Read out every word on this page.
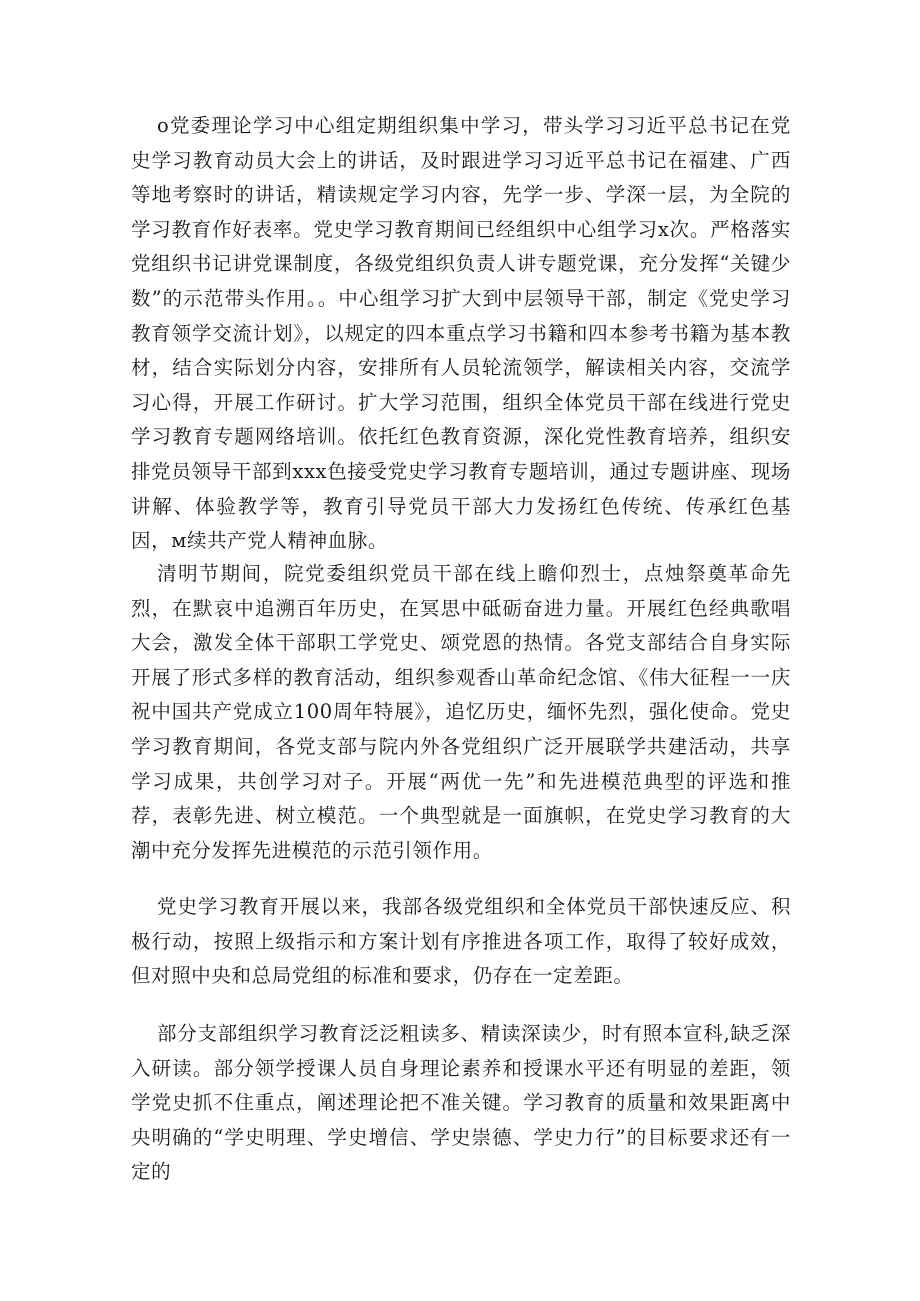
o党委理论学习中心组定期组织集中学习，带头学习习近平总书记在党史学习教育动员大会上的讲话，及时跟进学习习近平总书记在福建、广西等地考察时的讲话，精读规定学习内容，先学一步、学深一层，为全院的学习教育作好表率。党史学习教育期间已经组织中心组学习x次。严格落实党组织书记讲党课制度，各级党组织负责人讲专题党课，充分发挥“关键少数”的示范带头作用。。中心组学习扩大到中层领导干部，制定《党史学习教育领学交流计划》，以规定的四本重点学习书籍和四本参考书籍为基本教材，结合实际划分内容，安排所有人员轮流领学，解读相关内容，交流学习心得，开展工作研讨。扩大学习范围，组织全体党员干部在线进行党史学习教育专题网络培训。依托红色教育资源，深化党性教育培养，组织安排党员领导干部到xxx色接受党史学习教育专题培训，通过专题讲座、现场讲解、体验教学等，教育引导党员干部大力发扬红色传统、传承红色基因，м续共产党人精神血脉。

清明节期间，院党委组织党员干部在线上瞻仰烈士，点烛祭奠革命先烈，在默哀中追溯百年历史，在冥思中砥砺奋进力量。开展红色经典歌唱大会，激发全体干部职工学党史、颂党恩的热情。各党支部结合自身实际开展了形式多样的教育活动，组织参观香山革命纪念馆、《伟大征程一一庆祝中国共产党成立100周年特展》，追忆历史，缅怀先烈，强化使命。党史学习教育期间，各党支部与院内外各党组织广泛开展联学共建活动，共享学习成果，共创学习对子。开展“两优一先”和先进模范典型的评选和推荐，表彰先进、树立模范。一个典型就是一面旗帜，在党史学习教育的大潮中充分发挥先进模范的示范引领作用。

党史学习教育开展以来，我部各级党组织和全体党员干部快速反应、积极行动，按照上级指示和方案计划有序推进各项工作，取得了较好成效，但对照中央和总局党组的标准和要求，仍存在一定差距。

部分支部组织学习教育泛泛粗读多、精读深读少，时有照本宣科,缺乏深入研读。部分领学授课人员自身理论素养和授课水平还有明显的差距，领学党史抓不住重点，阐述理论把不准关键。学习教育的质量和效果距离中央明确的“学史明理、学史增信、学史崇德、学史力行”的目标要求还有一定的
